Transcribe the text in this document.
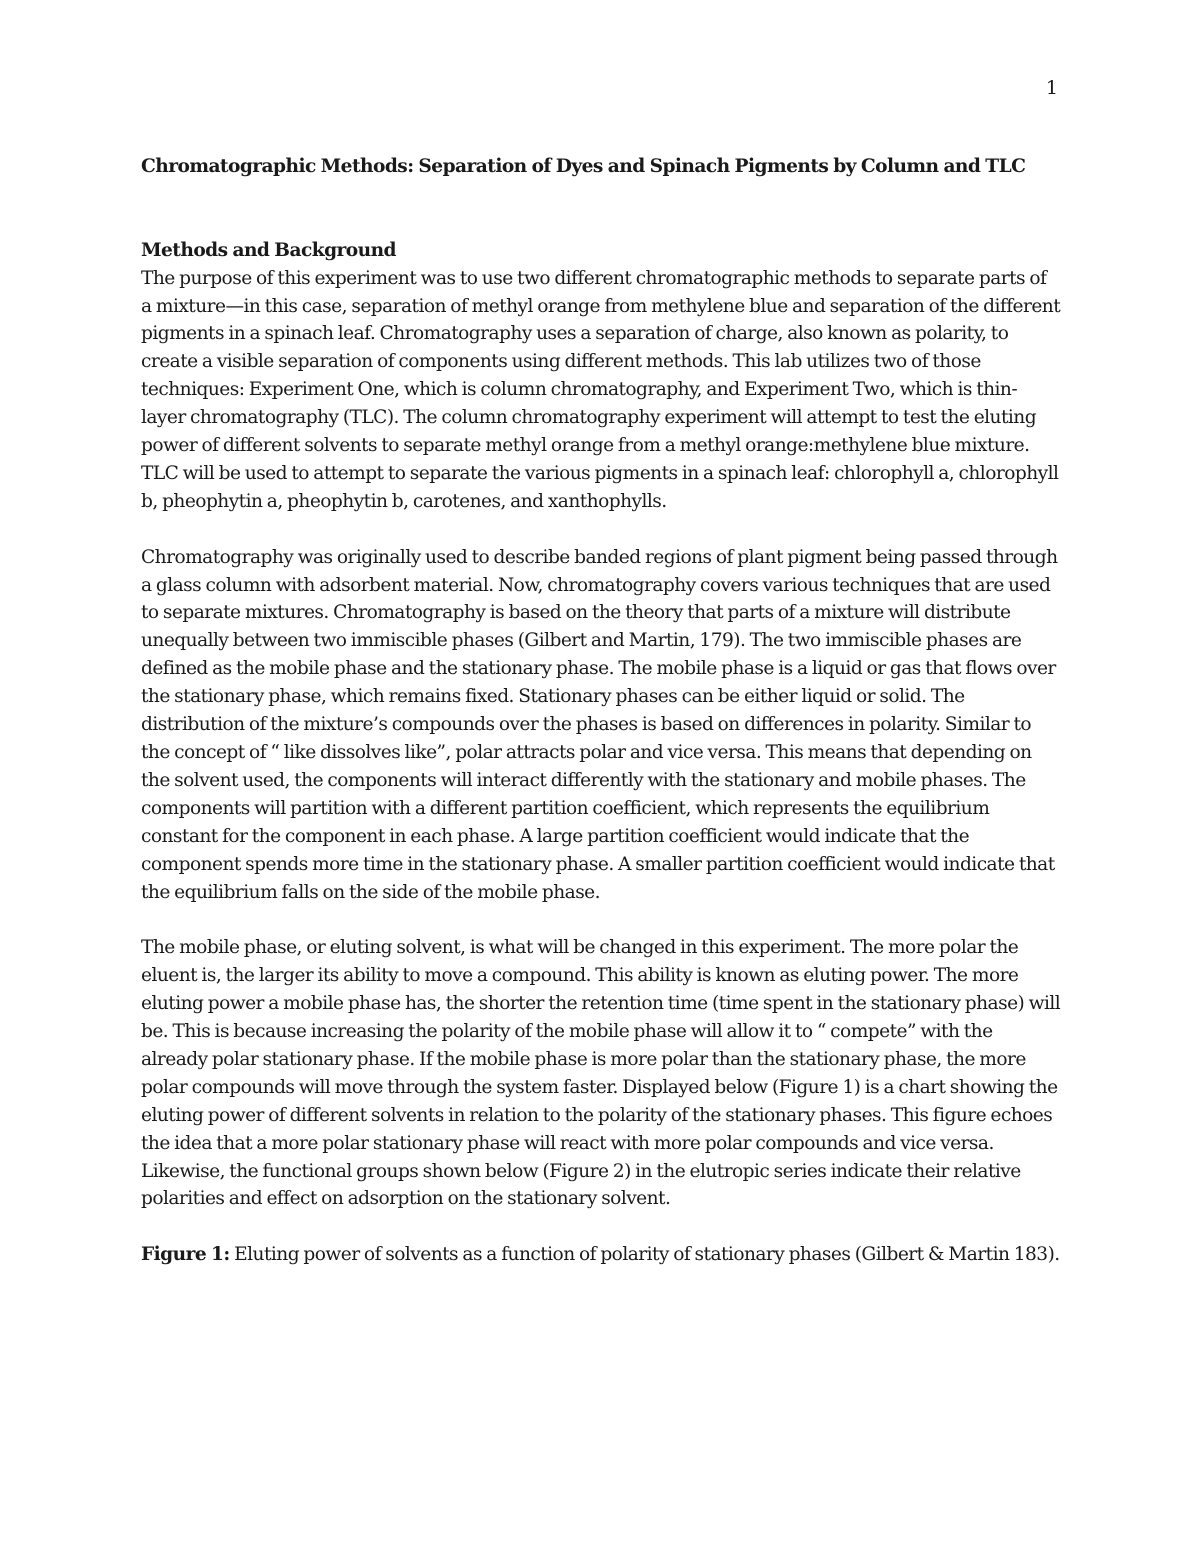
1

Chromatographic Methods: Separation of Dyes and Spinach Pigments by Column and TLC

Methods and Background

The purpose of this experiment was to use two different chromatographic methods to separate parts of a mixture—in this case, separation of methyl orange from methylene blue and separation of the different pigments in a spinach leaf. Chromatography uses a separation of charge, also known as polarity, to create a visible separation of components using different methods. This lab utilizes two of those techniques: Experiment One, which is column chromatography, and Experiment Two, which is thin-layer chromatography (TLC). The column chromatography experiment will attempt to test the eluting power of different solvents to separate methyl orange from a methyl orange:methylene blue mixture. TLC will be used to attempt to separate the various pigments in a spinach leaf: chlorophyll a, chlorophyll b, pheophytin a, pheophytin b, carotenes, and xanthophylls.

Chromatography was originally used to describe banded regions of plant pigment being passed through a glass column with adsorbent material. Now, chromatography covers various techniques that are used to separate mixtures. Chromatography is based on the theory that parts of a mixture will distribute unequally between two immiscible phases (Gilbert and Martin, 179). The two immiscible phases are defined as the mobile phase and the stationary phase. The mobile phase is a liquid or gas that flows over the stationary phase, which remains fixed. Stationary phases can be either liquid or solid. The distribution of the mixture’s compounds over the phases is based on differences in polarity. Similar to the concept of “ like dissolves like”, polar attracts polar and vice versa. This means that depending on the solvent used, the components will interact differently with the stationary and mobile phases. The components will partition with a different partition coefficient, which represents the equilibrium constant for the component in each phase. A large partition coefficient would indicate that the component spends more time in the stationary phase. A smaller partition coefficient would indicate that the equilibrium falls on the side of the mobile phase.

The mobile phase, or eluting solvent, is what will be changed in this experiment. The more polar the eluent is, the larger its ability to move a compound. This ability is known as eluting power. The more eluting power a mobile phase has, the shorter the retention time (time spent in the stationary phase) will be. This is because increasing the polarity of the mobile phase will allow it to “ compete” with the already polar stationary phase. If the mobile phase is more polar than the stationary phase, the more polar compounds will move through the system faster. Displayed below (Figure 1) is a chart showing the eluting power of different solvents in relation to the polarity of the stationary phases. This figure echoes the idea that a more polar stationary phase will react with more polar compounds and vice versa. Likewise, the functional groups shown below (Figure 2) in the elutropic series indicate their relative polarities and effect on adsorption on the stationary solvent.

Figure 1: Eluting power of solvents as a function of polarity of stationary phases (Gilbert & Martin 183).
